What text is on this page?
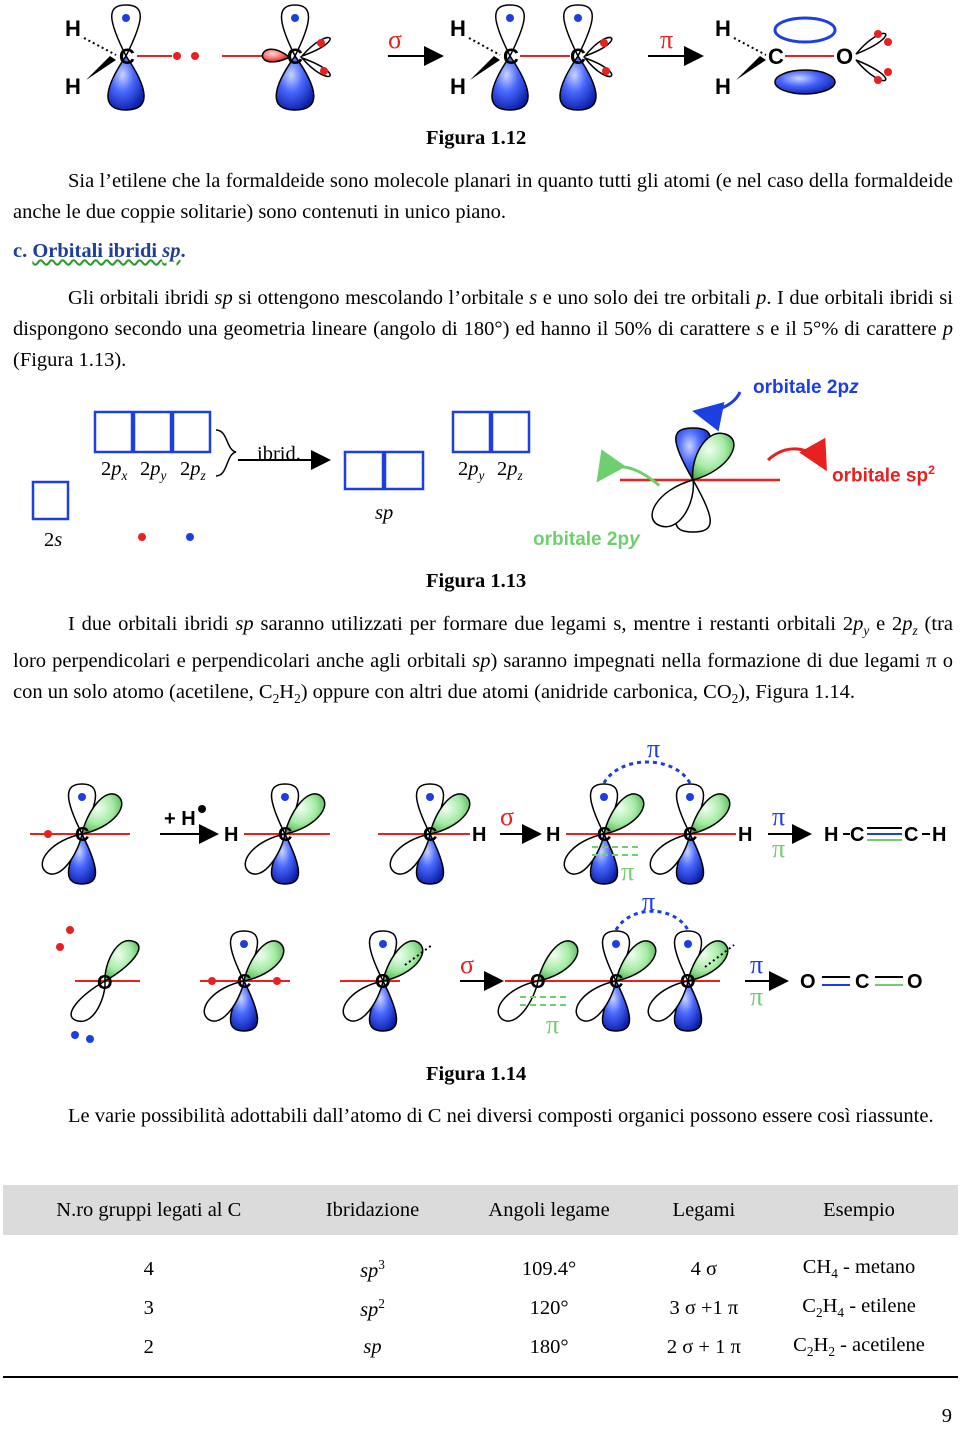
C
H
H
C
σ H
H
C C
π H
H
C O
Figura 1.12
Sia l’etilene che la formaldeide sono molecole planari in quanto tutti gli atomi (e nel caso della formaldeide anche le due coppie solitarie) sono contenuti in unico piano.
c. Orbitali ibridi sp.
Gli orbitali ibridi sp si ottengono mescolando l’orbitale s e uno solo dei tre orbitali p. I due orbitali ibridi si dispongono secondo una geometria lineare (angolo di 180°) ed hanno il 50% di carattere s e il 5°% di carattere p (Figura 1.13).
orbitale 2pz
orbitale $sp^2$
orbitale 2py
2s
$2p_x$ $2p_y$ $2p_z$
ibrid.
sp
$2p_y$ $2p_z$
Figura 1.13
I due orbitali ibridi sp saranno utilizzati per formare due legami s, mentre i restanti orbitali $2p_y$ e $2p_z$ (tra loro perpendicolari e perpendicolari anche agli orbitali sp) saranno impegnati nella formazione di due legami π o con un solo atomo (acetilene, $C_2H_2$) oppure con altri due atomi (anidride carbonica, $CO_2$), Figura 1.14.
C
+ H
H C	C H
σ
H C	C H
π
π
π
π H C C H
O	C	O
σ
O	C	O
π
π
π
π O C O
Figura 1.14
Le varie possibilità adottabili dall’atomo di C nei diversi composti organici possono essere così riassunte.
N.ro gruppi legati al C	Ibridazione	Angoli legame	Legami	Esempio
4	$sp^3$	109.4°	4 σ	$CH_4$ - metano
3	$sp^2$	120°	3 σ +1 π	$C_2H_4$ - etilene
2	sp	180°	2 σ + 1 π	$C_2H_2$ - acetilene
9
